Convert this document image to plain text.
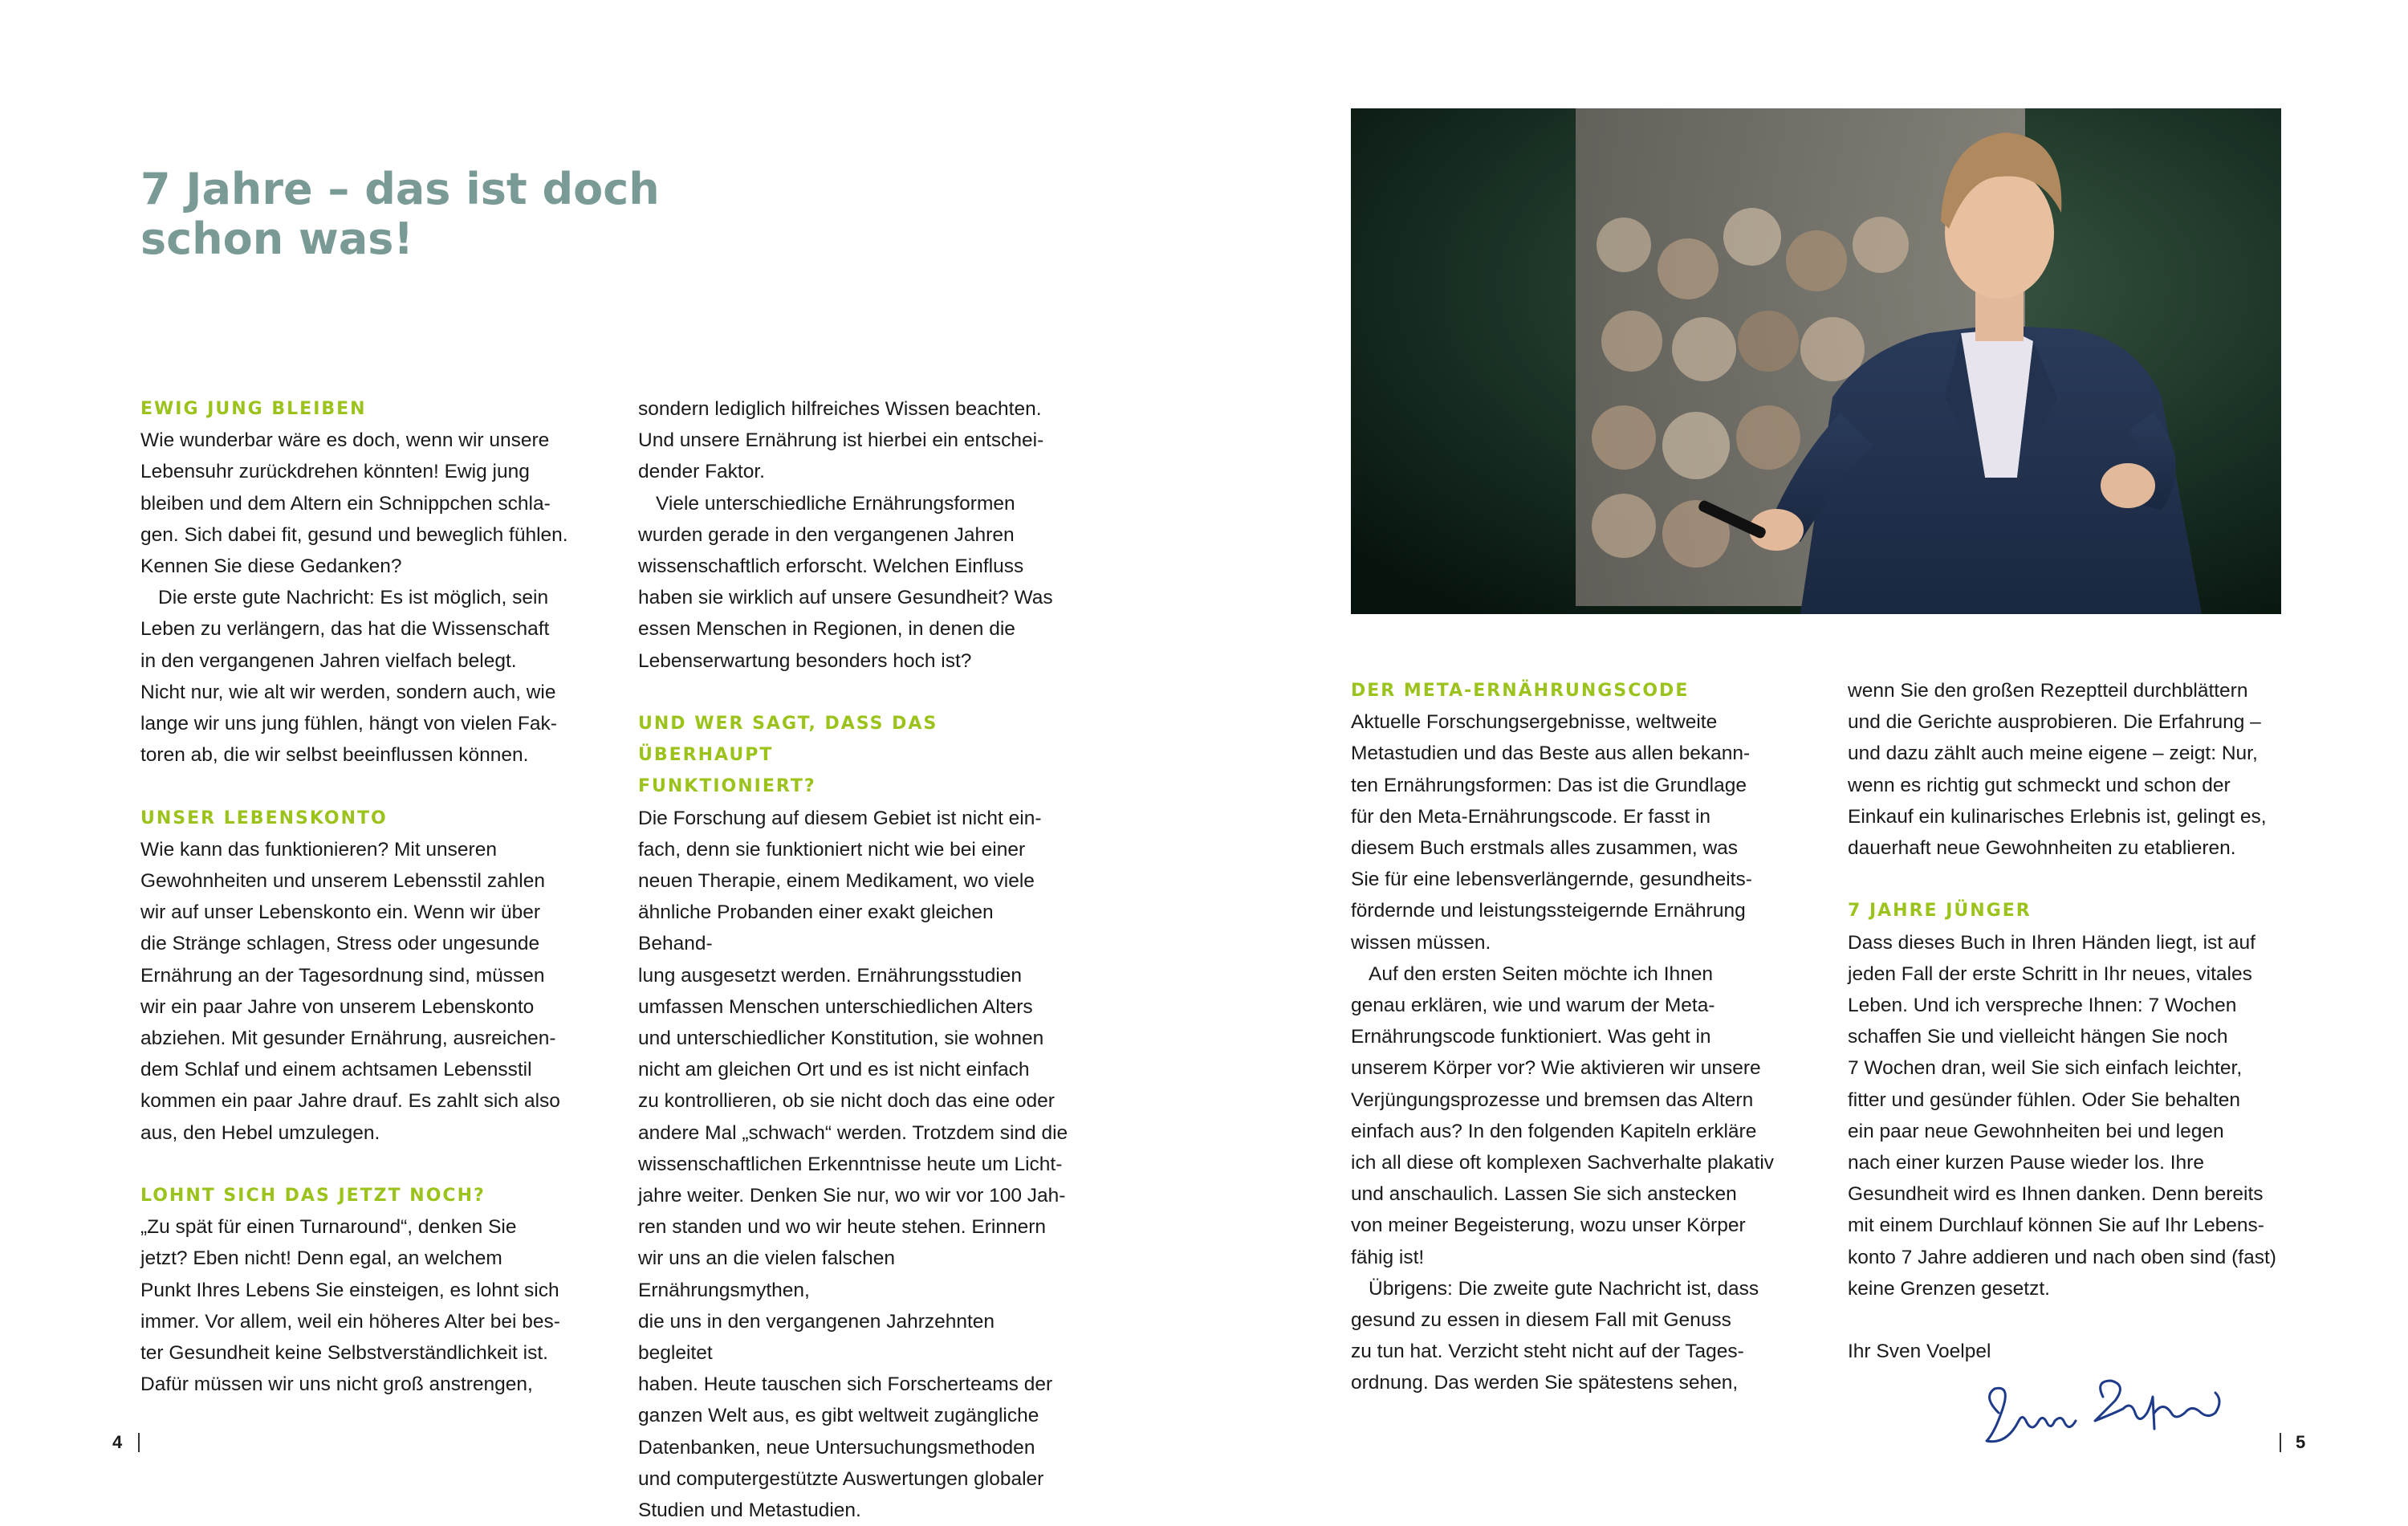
7 Jahre – das ist doch
schon was!
EWIG JUNG BLEIBEN

Wie wunderbar wäre es doch, wenn wir unsere

Lebensuhr zurückdrehen könnten! Ewig jung

bleiben und dem Altern ein Schnippchen schla-

gen. Sich dabei fit, gesund und beweglich fühlen.

Kennen Sie diese Gedanken?

Die erste gute Nachricht: Es ist möglich, sein

Leben zu verlängern, das hat die Wissenschaft

in den vergangenen Jahren vielfach belegt.

Nicht nur, wie alt wir werden, sondern auch, wie

lange wir uns jung fühlen, hängt von vielen Fak-

toren ab, die wir selbst beeinflussen können.

UNSER LEBENSKONTO

Wie kann das funktionieren? Mit unseren

Gewohnheiten und unserem Lebensstil zahlen

wir auf unser Lebenskonto ein. Wenn wir über

die Stränge schlagen, Stress oder ungesunde

Ernährung an der Tagesordnung sind, müssen

wir ein paar Jahre von unserem Lebenskonto

abziehen. Mit gesunder Ernährung, ausreichen-

dem Schlaf und einem achtsamen Lebensstil

kommen ein paar Jahre drauf. Es zahlt sich also

aus, den Hebel umzulegen.

LOHNT SICH DAS JETZT NOCH?

„Zu spät für einen Turnaround“, denken Sie

jetzt? Eben nicht! Denn egal, an welchem

Punkt Ihres Lebens Sie einsteigen, es lohnt sich

immer. Vor allem, weil ein höheres Alter bei bes-

ter Gesundheit keine Selbstverständlichkeit ist.

Dafür müssen wir uns nicht groß anstrengen,

sondern lediglich hilfreiches Wissen beachten.

Und unsere Ernährung ist hierbei ein entschei-

dender Faktor.

Viele unterschiedliche Ernährungsformen

wurden gerade in den vergangenen Jahren

wissenschaftlich erforscht. Welchen Einfluss

haben sie wirklich auf unsere Gesundheit? Was

essen Menschen in Regionen, in denen die

Lebenserwartung besonders hoch ist?

UND WER SAGT, DASS DAS ÜBERHAUPT
FUNKTIONIERT?

Die Forschung auf diesem Gebiet ist nicht ein-

fach, denn sie funktioniert nicht wie bei einer

neuen Therapie, einem Medikament, wo viele

ähnliche Probanden einer exakt gleichen Behand-

lung ausgesetzt werden. Ernährungsstudien

umfassen Menschen unterschiedlichen Alters

und unterschiedlicher Konstitution, sie wohnen

nicht am gleichen Ort und es ist nicht einfach

zu kontrollieren, ob sie nicht doch das eine oder

andere Mal „schwach“ werden. Trotzdem sind die

wissenschaftlichen Erkenntnisse heute um Licht-

jahre weiter. Denken Sie nur, wo wir vor 100 Jah-

ren standen und wo wir heute stehen. Erinnern

wir uns an die vielen falschen Ernährungsmythen,

die uns in den vergangenen Jahrzehnten begleitet

haben. Heute tauschen sich Forscherteams der

ganzen Welt aus, es gibt weltweit zugängliche

Datenbanken, neue Untersuchungsmethoden

und computergestützte Auswertungen globaler

Studien und Metastudien.

DER META-ERNÄHRUNGSCODE

Aktuelle Forschungsergebnisse, weltweite

Metastudien und das Beste aus allen bekann-

ten Ernährungsformen: Das ist die Grundlage

für den Meta-Ernährungscode. Er fasst in

diesem Buch erstmals alles zusammen, was

Sie für eine lebensverlängernde, gesundheits-

fördernde und leistungssteigernde Ernährung

wissen müssen.

Auf den ersten Seiten möchte ich Ihnen

genau erklären, wie und warum der Meta-

Ernährungscode funktioniert. Was geht in

unserem Körper vor? Wie aktivieren wir unsere

Verjüngungsprozesse und bremsen das Altern

einfach aus? In den folgenden Kapiteln erkläre

ich all diese oft komplexen Sachverhalte plakativ

und anschaulich. Lassen Sie sich anstecken

von meiner Begeisterung, wozu unser Körper

fähig ist!

Übrigens: Die zweite gute Nachricht ist, dass

gesund zu essen in diesem Fall mit Genuss

zu tun hat. Verzicht steht nicht auf der Tages-

ordnung. Das werden Sie spätestens sehen,

wenn Sie den großen Rezeptteil durchblättern

und die Gerichte ausprobieren. Die Erfahrung –

und dazu zählt auch meine eigene – zeigt: Nur,

wenn es richtig gut schmeckt und schon der

Einkauf ein kulinarisches Erlebnis ist, gelingt es,

dauerhaft neue Gewohnheiten zu etablieren.

7 JAHRE JÜNGER

Dass dieses Buch in Ihren Händen liegt, ist auf

jeden Fall der erste Schritt in Ihr neues, vitales

Leben. Und ich verspreche Ihnen: 7 Wochen

schaffen Sie und vielleicht hängen Sie noch

7 Wochen dran, weil Sie sich einfach leichter,

fitter und gesünder fühlen. Oder Sie behalten

ein paar neue Gewohnheiten bei und legen

nach einer kurzen Pause wieder los. Ihre

Gesundheit wird es Ihnen danken. Denn bereits

mit einem Durchlauf können Sie auf Ihr Lebens-

konto 7 Jahre addieren und nach oben sind (fast)

keine Grenzen gesetzt.

Ihr Sven Voelpel

4	5
